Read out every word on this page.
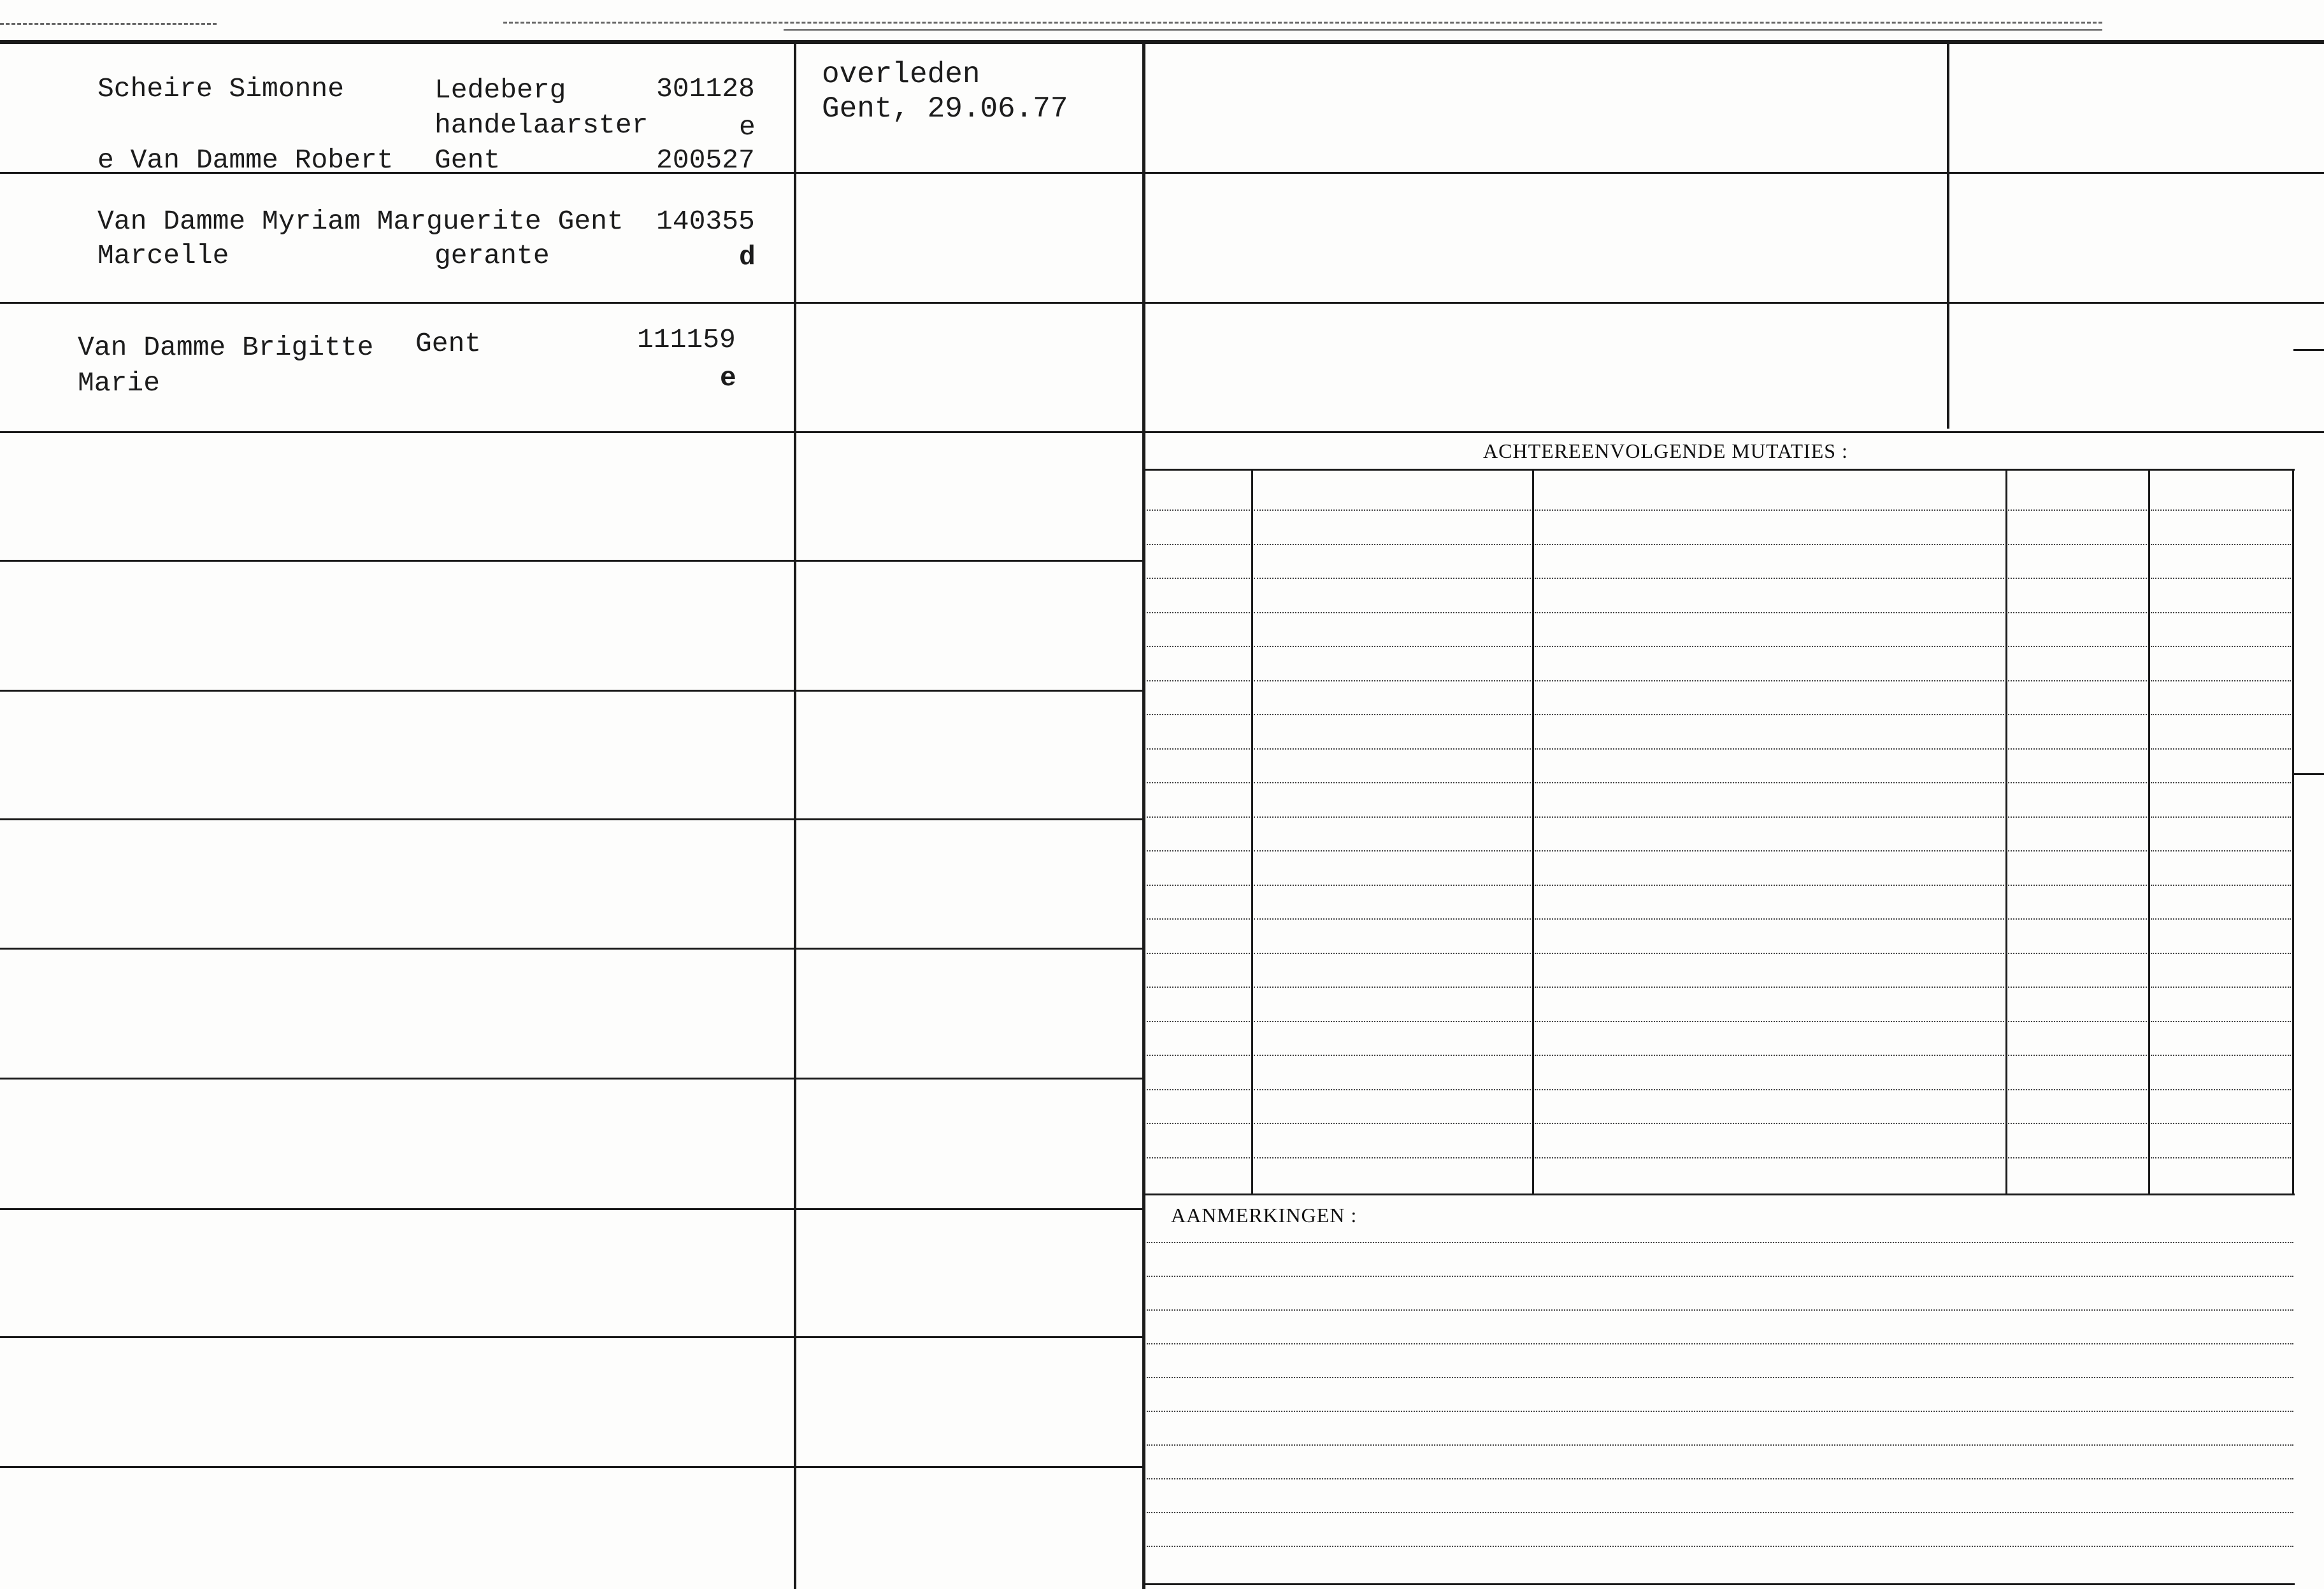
Scheire Simonne
e Van Damme Robert
Ledeberg
handelaarster
Gent
301128
e
200527
overleden
Gent, 29.06.77
Van Damme Myriam Marguerite Gent
Marcelle	gerante
140355
d
Van Damme Brigitte
Marie
Gent	111159
e
ACHTEREENVOLGENDE MUTATIES :
AANMERKINGEN :
